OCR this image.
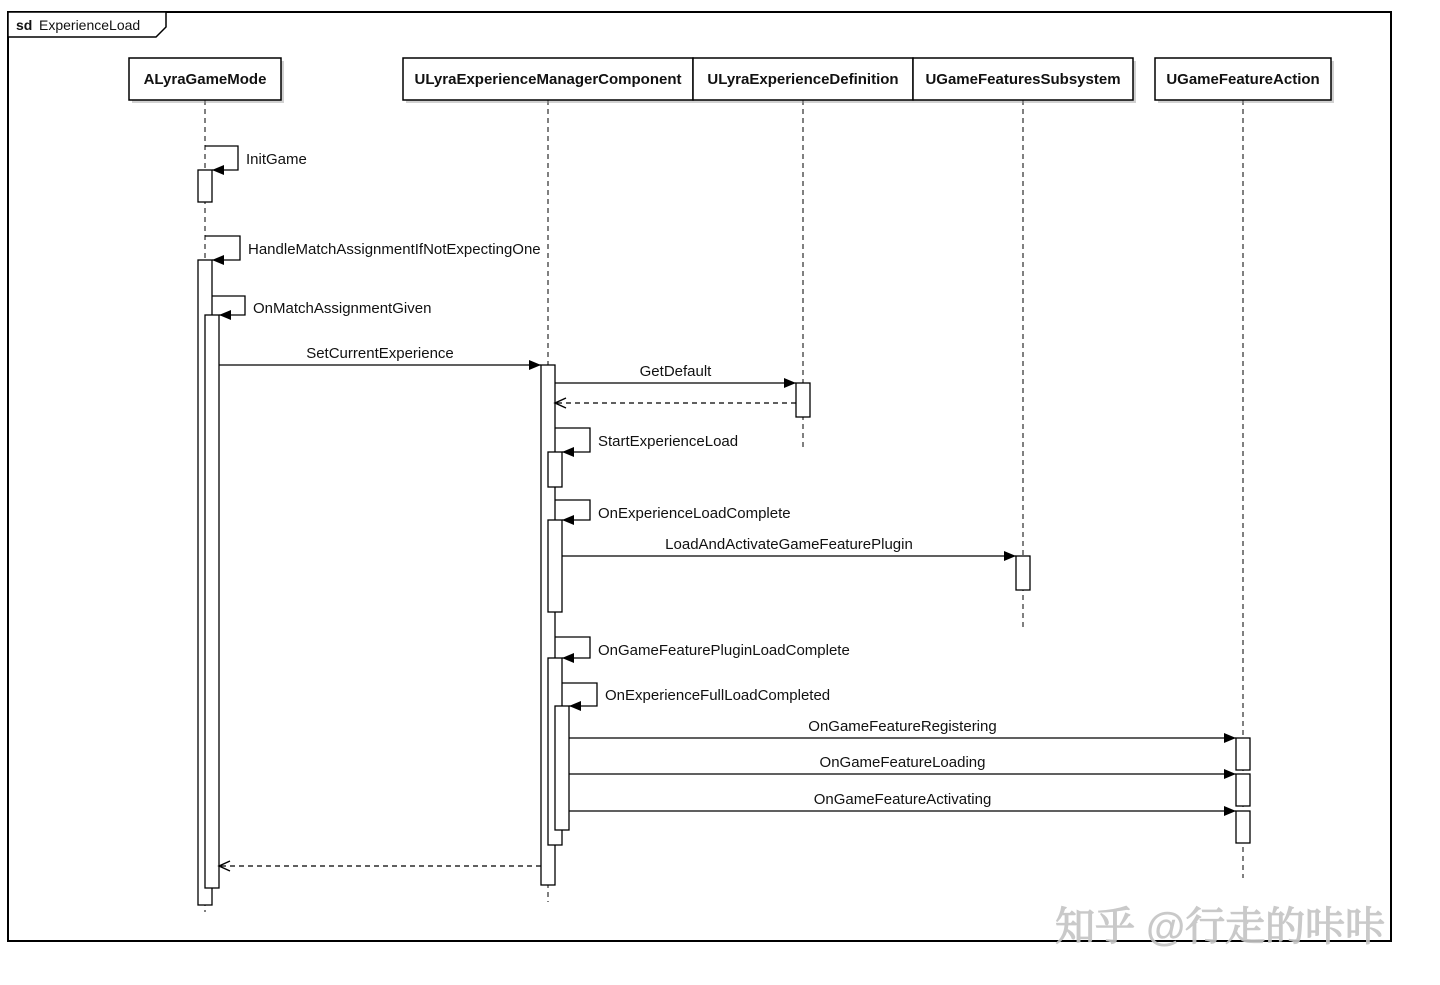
sd ExperienceLoad
ALyraGameMode	ULyraExperienceManagerComponent ULyraExperienceDefinition UGameFeaturesSubsystem	UGameFeatureAction
InitGame
HandleMatchAssignmentIfNotExpectingOne
OnMatchAssignmentGiven
SetCurrentExperience
GetDefault
StartExperienceLoad
OnExperienceLoadComplete
LoadAndActivateGameFeaturePlugin
OnGameFeaturePluginLoadComplete
OnExperienceFullLoadCompleted
OnGameFeatureRegistering
OnGameFeatureLoading
OnGameFeatureActivating
知乎 @行走的咔咔
